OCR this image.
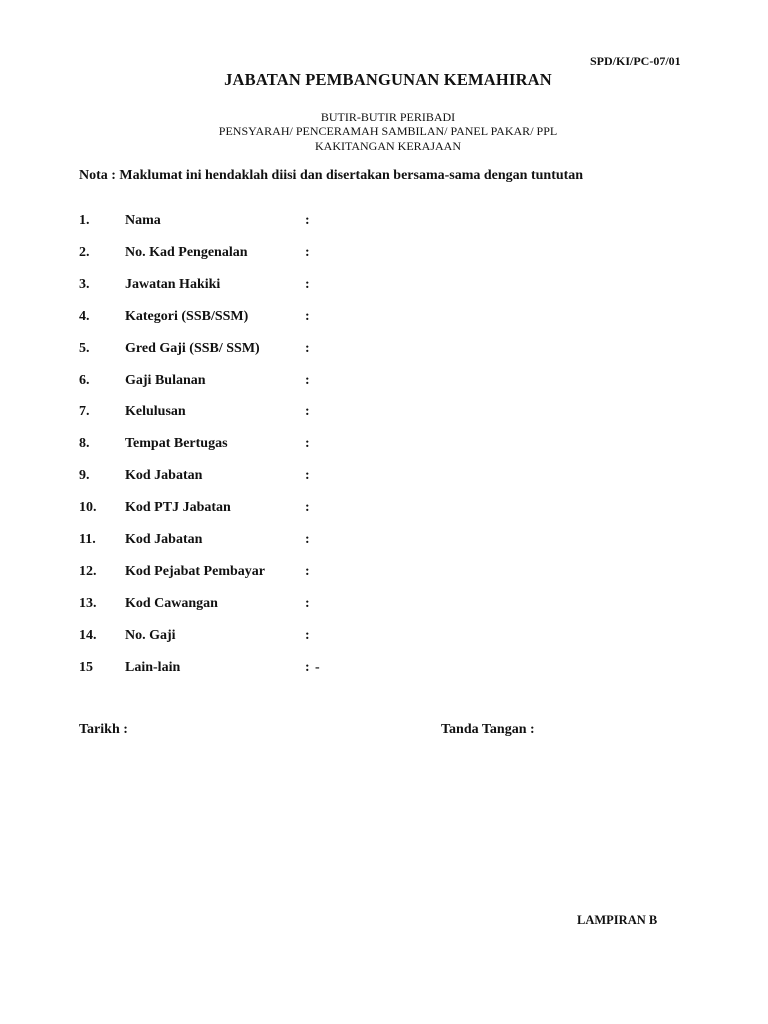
SPD/KI/PC-07/01
JABATAN PEMBANGUNAN KEMAHIRAN
BUTIR-BUTIR PERIBADI
PENSYARAH/ PENCERAMAH SAMBILAN/ PANEL PAKAR/ PPL
KAKITANGAN KERAJAAN
Nota : Maklumat ini hendaklah diisi dan disertakan bersama-sama dengan tuntutan
1.	Nama	:
2.	No. Kad Pengenalan	:
3.	Jawatan Hakiki	:
4.	Kategori (SSB/SSM)	:
5.	Gred Gaji (SSB/ SSM)	:
6.	Gaji Bulanan	:
7.	Kelulusan	:
8.	Tempat Bertugas	:
9.	Kod Jabatan	:
10. Kod PTJ Jabatan	:
11. Kod Jabatan	:
12. Kod Pejabat Pembayar	:
13. Kod Cawangan	:
14. No. Gaji	:
15 Lain-lain	: -
Tarikh :	Tanda Tangan :
LAMPIRAN B
